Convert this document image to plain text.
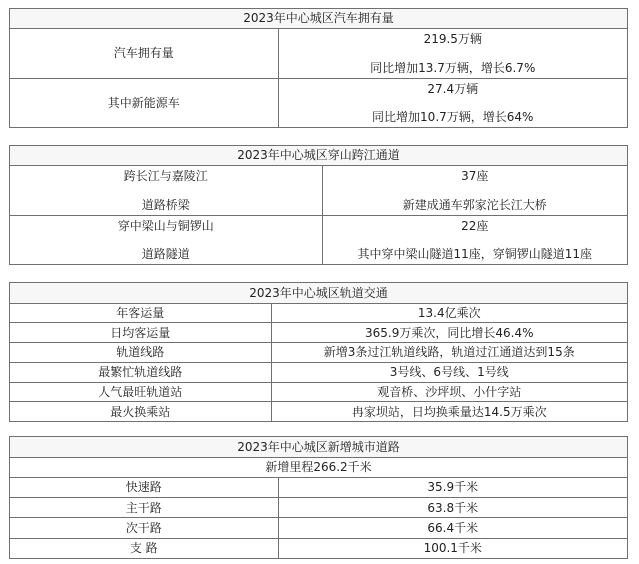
2023年中心城区汽车拥有量	
汽车拥有量	219.5万辆
同比增加13.7万辆，增长6.7%

其中新能源车	27.4万辆
同比增加10.7万辆，增长64%
2023年中心城区穿山跨江通道	

跨长江与嘉陵江
道路桥梁	37座
新建成通车郭家沱长江大桥

穿中梁山与铜锣山
道路隧道	22座
其中穿中梁山隧道11座，穿铜锣山隧道11座
2023年中心城区轨道交通	
年客运量	13.4亿乘次
日均客运量	365.9万乘次，同比增长46.4%
轨道线路	新增3条过江轨道线路，轨道过江通道达到15条
最繁忙轨道线路	3号线、6号线、1号线
人气最旺轨道站	观音桥、沙坪坝、小什字站
最火换乘站	冉家坝站，日均换乘量达14.5万乘次
2023年中心城区新增城市道路	
新增里程266.2千米	
快速路	35.9千米
主干路	63.8千米
次干路	66.4千米
支 路	100.1千米
